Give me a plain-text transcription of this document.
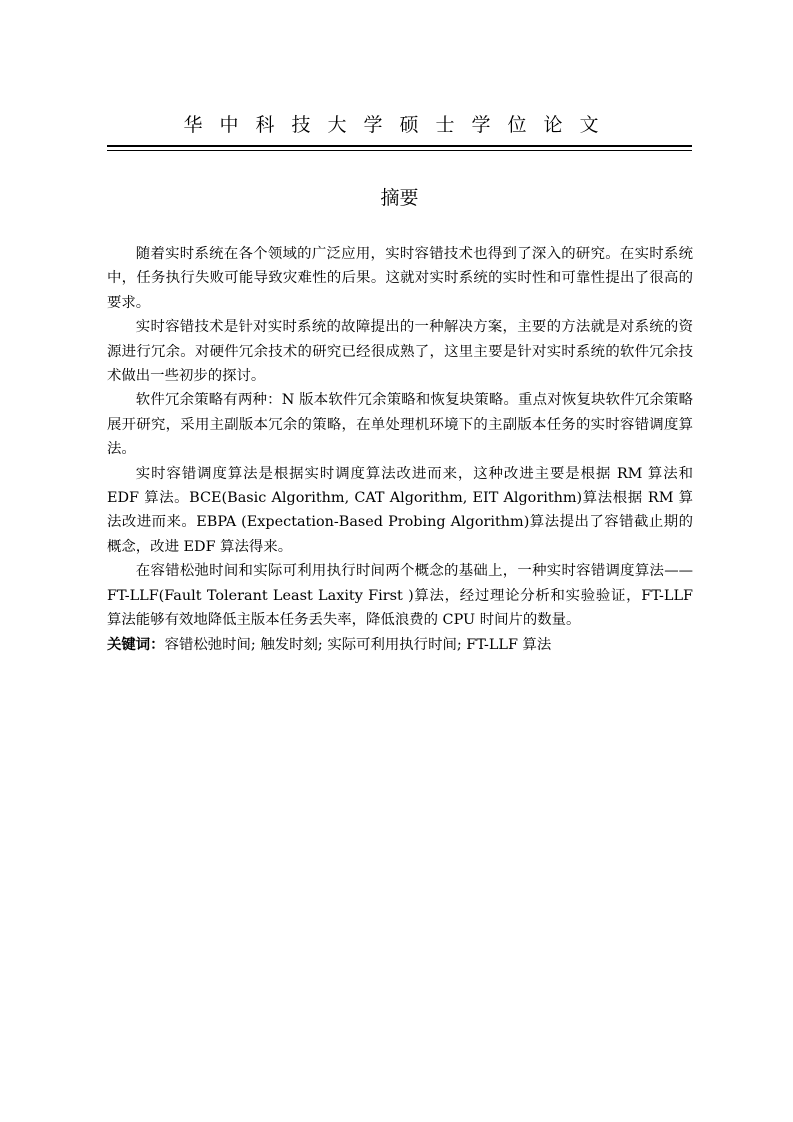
华中科技大学硕士学位论文
摘要

随着实时系统在各个领域的广泛应用，实时容错技术也得到了深入的研究。在实时系统中，任务执行失败可能导致灾难性的后果。这就对实时系统的实时性和可靠性提出了很高的要求。

实时容错技术是针对实时系统的故障提出的一种解决方案，主要的方法就是对系统的资源进行冗余。对硬件冗余技术的研究已经很成熟了，这里主要是针对实时系统的软件冗余技术做出一些初步的探讨。

软件冗余策略有两种：N 版本软件冗余策略和恢复块策略。重点对恢复块软件冗余策略展开研究，采用主副版本冗余的策略，在单处理机环境下的主副版本任务的实时容错调度算法。

实时容错调度算法是根据实时调度算法改进而来，这种改进主要是根据 RM 算法和 EDF 算法。BCE(Basic Algorithm, CAT Algorithm, EIT Algorithm)算法根据 RM 算法改进而来。EBPA (Expectation-Based Probing Algorithm)算法提出了容错截止期的概念，改进 EDF 算法得来。

在容错松弛时间和实际可利用执行时间两个概念的基础上，一种实时容错调度算法——FT-LLF(Fault Tolerant Least Laxity First )算法，经过理论分析和实验验证，FT-LLF 算法能够有效地降低主版本任务丢失率，降低浪费的 CPU 时间片的数量。

关键词：容错松弛时间; 触发时刻; 实际可利用执行时间; FT-LLF 算法
